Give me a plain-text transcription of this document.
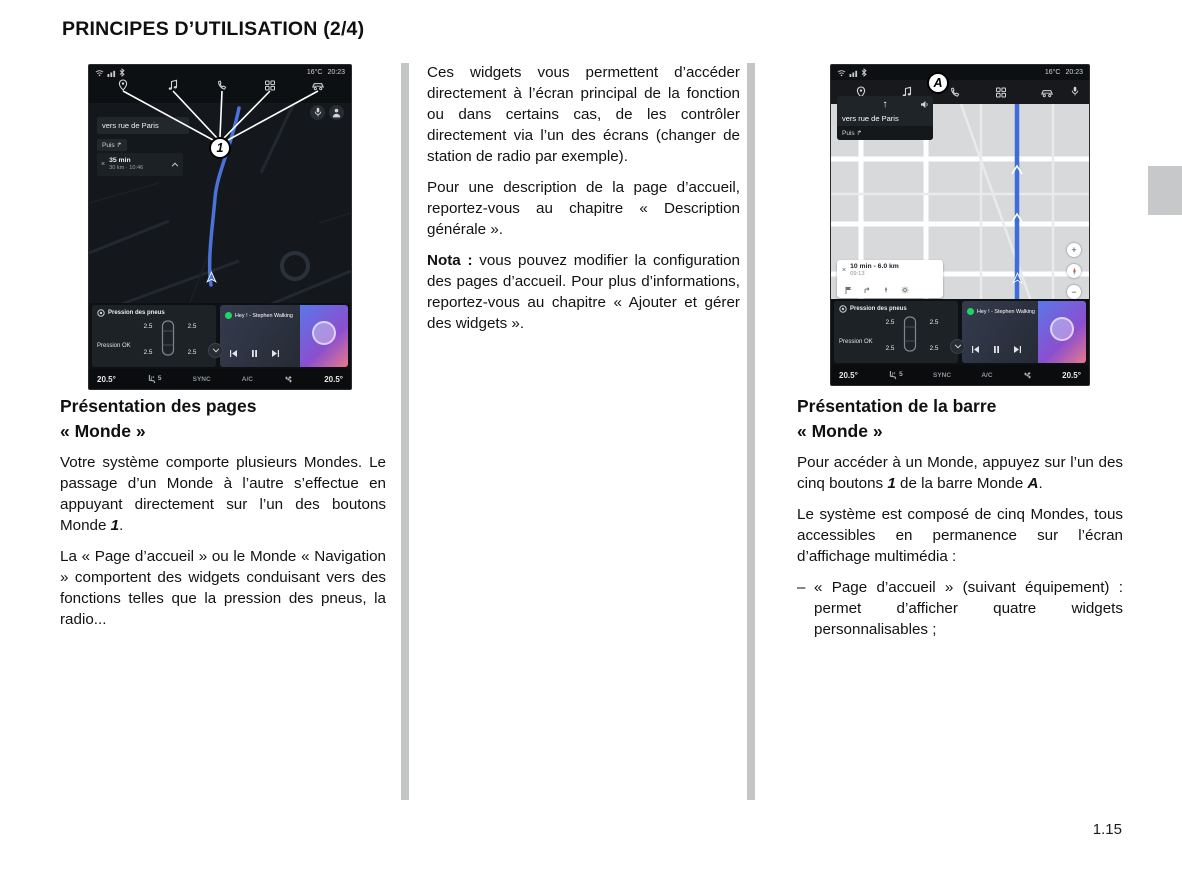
PRINCIPES D’UTILISATION (2/4)
16°C 20:23
1
vers rue de Paris
Puis ↱
×
35 min
30 km · 10:46
Pression des pneus
Pression OK
2.5	2.5
2.5	2.5
Hey ! - Stephen Walking
20.5°	5	SYNC	A/C	20.5°

Ces widgets vous permettent d’accéder directement à l’écran principal de la fonction ou dans certains cas, de les contrôler directement via l’un des écrans (changer de station de radio par exemple).

Pour une description de la page d’accueil, reportez-vous au chapitre « Description générale ».

Nota : vous pouvez modifier la configuration des pages d’accueil. Pour plus d’informations, reportez-vous au chapitre « Ajouter et gérer des widgets ».

Présentation des pages
« Monde »

Votre système comporte plusieurs Mondes. Le passage d’un Monde à l’autre s’effectue en appuyant directement sur l’un des boutons Monde 1.

La « Page d’accueil » ou le Monde « Navigation » comportent des widgets conduisant vers des fonctions telles que la pression des pneus, la radio...

16°C 20:23
A
+
−
×
10 min - 6.0 km
09:13
↑
vers rue de Paris
Puis ↱
Pression des pneus
Pression OK
2.5	2.5
2.5	2.5
Hey ! - Stephen Walking
20.5°	5	SYNC	A/C	20.5°
Présentation de la barre
« Monde »

Pour accéder à un Monde, appuyez sur l’un des cinq boutons 1 de la barre Monde A.

Le système est composé de cinq Mondes, tous accessibles en permanence sur l’écran d’affichage multimédia :

– « Page d’accueil » (suivant équipement) : permet d’afficher quatre widgets personnalisables ;
1.15
